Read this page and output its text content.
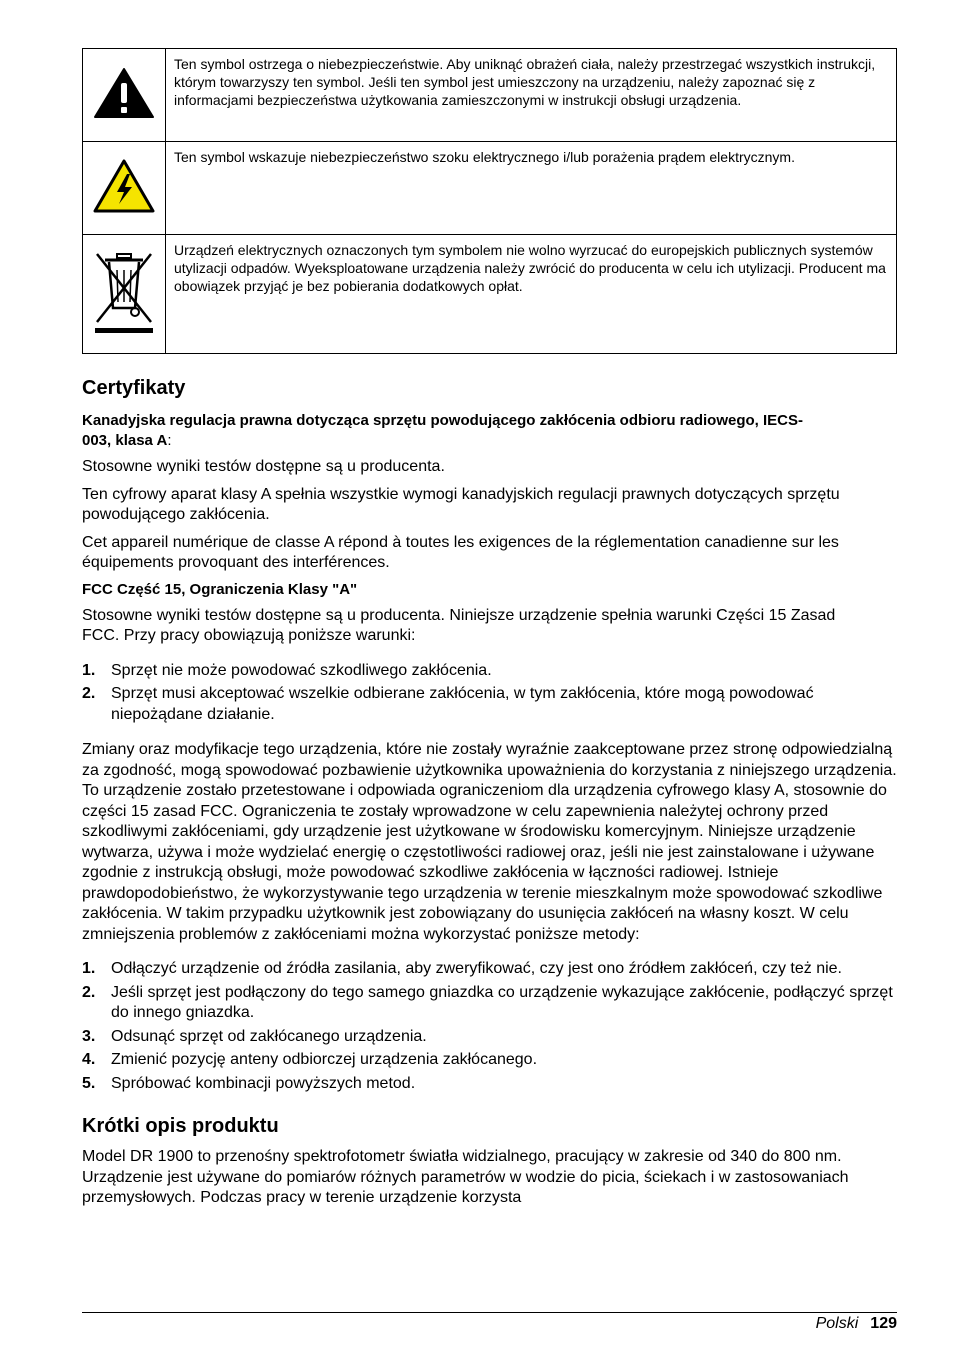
	Ten symbol ostrzega o niebezpieczeństwie. Aby uniknąć obrażeń ciała, należy przestrzegać wszystkich instrukcji, którym towarzyszy ten symbol. Jeśli ten symbol jest umieszczony na urządzeniu, należy zapoznać się z informacjami bezpieczeństwa użytkowania zamieszczonymi w instrukcji obsługi urządzenia.
	Ten symbol wskazuje niebezpieczeństwo szoku elektrycznego i/lub porażenia prądem elektrycznym.
	Urządzeń elektrycznych oznaczonych tym symbolem nie wolno wyrzucać do europejskich publicznych systemów utylizacji odpadów. Wyeksploatowane urządzenia należy zwrócić do producenta w celu ich utylizacji. Producent ma obowiązek przyjąć je bez pobierania dodatkowych opłat.
Certyfikaty

Kanadyjska regulacja prawna dotycząca sprzętu powodującego zakłócenia odbioru radiowego, IECS-003, klasa A:

Stosowne wyniki testów dostępne są u producenta.

Ten cyfrowy aparat klasy A spełnia wszystkie wymogi kanadyjskich regulacji prawnych dotyczących sprzętu powodującego zakłócenia.

Cet appareil numérique de classe A répond à toutes les exigences de la réglementation canadienne sur les équipements provoquant des interférences.

FCC Część 15, Ograniczenia Klasy "A"

Stosowne wyniki testów dostępne są u producenta. Niniejsze urządzenie spełnia warunki Części 15 Zasad FCC. Przy pracy obowiązują poniższe warunki:

1. Sprzęt nie może powodować szkodliwego zakłócenia.
2. Sprzęt musi akceptować wszelkie odbierane zakłócenia, w tym zakłócenia, które mogą powodować niepożądane działanie.

Zmiany oraz modyfikacje tego urządzenia, które nie zostały wyraźnie zaakceptowane przez stronę odpowiedzialną za zgodność, mogą spowodować pozbawienie użytkownika upoważnienia do korzystania z niniejszego urządzenia. To urządzenie zostało przetestowane i odpowiada ograniczeniom dla urządzenia cyfrowego klasy A, stosownie do części 15 zasad FCC. Ograniczenia te zostały wprowadzone w celu zapewnienia należytej ochrony przed szkodliwymi zakłóceniami, gdy urządzenie jest użytkowane w środowisku komercyjnym. Niniejsze urządzenie wytwarza, używa i może wydzielać energię o częstotliwości radiowej oraz, jeśli nie jest zainstalowane i używane zgodnie z instrukcją obsługi, może powodować szkodliwe zakłócenia w łączności radiowej. Istnieje prawdopodobieństwo, że wykorzystywanie tego urządzenia w terenie mieszkalnym może spowodować szkodliwe zakłócenia. W takim przypadku użytkownik jest zobowiązany do usunięcia zakłóceń na własny koszt. W celu zmniejszenia problemów z zakłóceniami można wykorzystać poniższe metody:

1. Odłączyć urządzenie od źródła zasilania, aby zweryfikować, czy jest ono źródłem zakłóceń, czy też nie.
2. Jeśli sprzęt jest podłączony do tego samego gniazdka co urządzenie wykazujące zakłócenie, podłączyć sprzęt do innego gniazdka.
3. Odsunąć sprzęt od zakłócanego urządzenia.
4. Zmienić pozycję anteny odbiorczej urządzenia zakłócanego.
5. Spróbować kombinacji powyższych metod.
Krótki opis produktu

Model DR 1900 to przenośny spektrofotometr światła widzialnego, pracujący w zakresie od 340 do 800 nm. Urządzenie jest używane do pomiarów różnych parametrów w wodzie do picia, ściekach i w zastosowaniach przemysłowych. Podczas pracy w terenie urządzenie korzysta

Polski 129
